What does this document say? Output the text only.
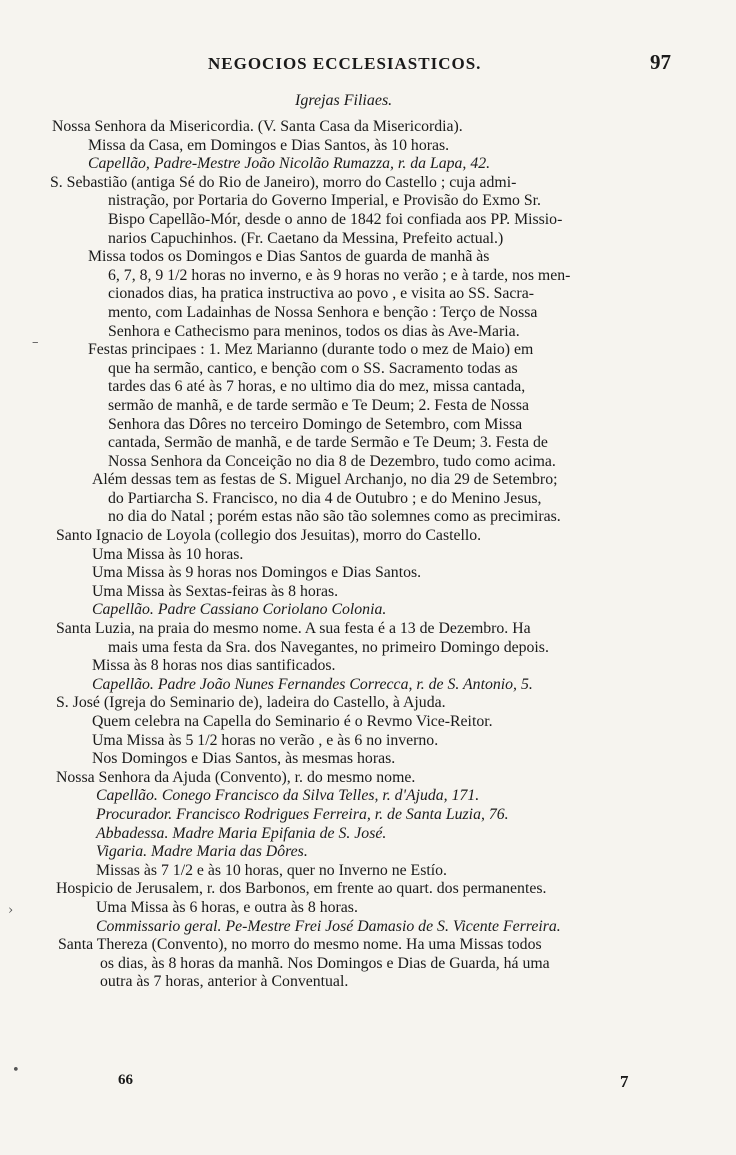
NEGOCIOS ECCLESIASTICOS.	97
Igrejas Filiaes.
Nossa Senhora da Misericordia. (V. Santa Casa da Misericordia).
Missa da Casa, em Domingos e Dias Santos, às 10 horas.
Capellão, Padre-Mestre João Nicolão Rumazza, r. da Lapa, 42.
S. Sebastião (antiga Sé do Rio de Janeiro), morro do Castello ; cuja admi-
nistração, por Portaria do Governo Imperial, e Provisão do Exmo Sr.
Bispo Capellão-Mór, desde o anno de 1842 foi confiada aos PP. Missio-
narios Capuchinhos. (Fr. Caetano da Messina, Prefeito actual.)
Missa todos os Domingos e Dias Santos de guarda de manhã às
6, 7, 8, 9 1/2 horas no inverno, e às 9 horas no verão ; e à tarde, nos men-
cionados dias, ha pratica instructiva ao povo , e visita ao SS. Sacra-
mento, com Ladainhas de Nossa Senhora e benção : Terço de Nossa
Senhora e Cathecismo para meninos, todos os dias às Ave-Maria.
Festas principaes : 1. Mez Marianno (durante todo o mez de Maio) em
que ha sermão, cantico, e benção com o SS. Sacramento todas as
tardes das 6 até às 7 horas, e no ultimo dia do mez, missa cantada,
sermão de manhã, e de tarde sermão e Te Deum; 2. Festa de Nossa
Senhora das Dôres no terceiro Domingo de Setembro, com Missa
cantada, Sermão de manhã, e de tarde Sermão e Te Deum; 3. Festa de
Nossa Senhora da Conceição no dia 8 de Dezembro, tudo como acima.
Além dessas tem as festas de S. Miguel Archanjo, no dia 29 de Setembro;
do Partiarcha S. Francisco, no dia 4 de Outubro ; e do Menino Jesus,
no dia do Natal ; porém estas não são tão solemnes como as precimiras.
Santo Ignacio de Loyola (collegio dos Jesuitas), morro do Castello.
Uma Missa às 10 horas.
Uma Missa às 9 horas nos Domingos e Dias Santos.
Uma Missa às Sextas-feiras às 8 horas.
Capellão. Padre Cassiano Coriolano Colonia.
Santa Luzia, na praia do mesmo nome. A sua festa é a 13 de Dezembro. Ha
mais uma festa da Sra. dos Navegantes, no primeiro Domingo depois.
Missa às 8 horas nos dias santificados.
Capellão. Padre João Nunes Fernandes Correcca, r. de S. Antonio, 5.
S. José (Igreja do Seminario de), ladeira do Castello, à Ajuda.
Quem celebra na Capella do Seminario é o Revmo Vice-Reitor.
Uma Missa às 5 1/2 horas no verão , e às 6 no inverno.
Nos Domingos e Dias Santos, às mesmas horas.
Nossa Senhora da Ajuda (Convento), r. do mesmo nome.
Capellão. Conego Francisco da Silva Telles, r. d'Ajuda, 171.
Procurador. Francisco Rodrigues Ferreira, r. de Santa Luzia, 76.
Abbadessa. Madre Maria Epifania de S. José.
Vigaria. Madre Maria das Dôres.
Missas às 7 1/2 e às 10 horas, quer no Inverno ne Estío.
Hospicio de Jerusalem, r. dos Barbonos, em frente ao quart. dos permanentes.
Uma Missa às 6 horas, e outra às 8 horas.
Commissario geral. Pe-Mestre Frei José Damasio de S. Vicente Ferreira.
Santa Thereza (Convento), no morro do mesmo nome. Ha uma Missas todos
os dias, às 8 horas da manhã. Nos Domingos e Dias de Guarda, há uma
outra às 7 horas, anterior à Conventual.
66	7
–
›
•
